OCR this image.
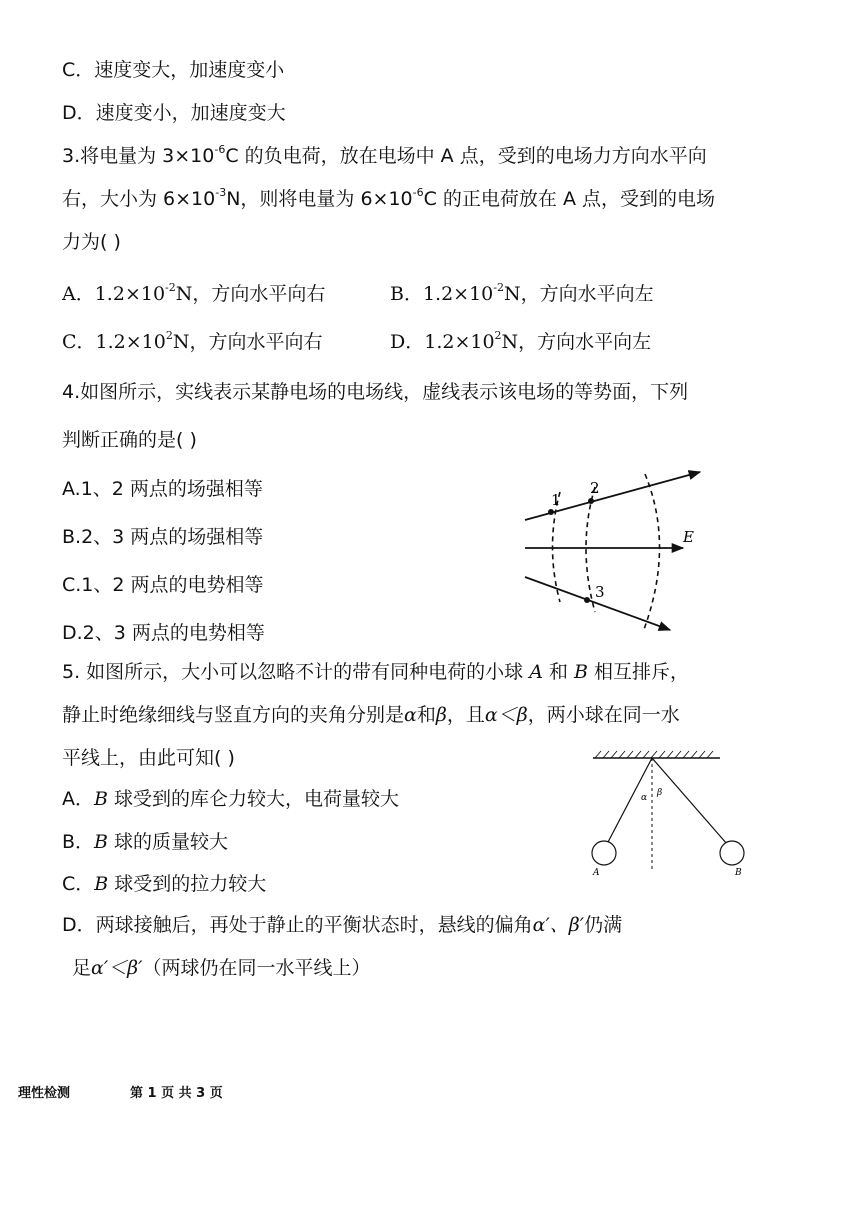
C．速度变大，加速度变小
D．速度变小，加速度变大
3.将电量为 $3\times 10^{-6}C$ 的负电荷，放在电场中 A 点，受到的电场力方向水平向
右，大小为 $6\times 10^{-3}N$，则将电量为 $6\times 10^{-6}C$ 的正电荷放在 A 点，受到的电场
力为( )
A．$1.2\times 10^{-2}N$，方向水平向右	B．$1.2\times 10^{-2}N$，方向水平向左
C．$1.2\times 10^2N$，方向水平向右	D．$1.2\times 10^2N$，方向水平向左
4.如图所示，实线表示某静电场的电场线，虚线表示该电场的等势面，下列
判断正确的是( )
A.1、2 两点的场强相等
B.2、3 两点的场强相等
C.1、2 两点的电势相等
D.2、3 两点的电势相等
1
2
3
E
5. 如图所示，大小可以忽略不计的带有同种电荷的小球 A 和 B 相互排斥，
静止时绝缘细线与竖直方向的夹角分别是α和β，且α＜β，两小球在同一水
平线上，由此可知( )
A．B 球受到的库仑力较大，电荷量较大
B．B 球的质量较大
C．B 球受到的拉力较大
D．两球接触后，再处于静止的平衡状态时，悬线的偏角α′、β′仍满
足α′＜β′（两球仍在同一水平线上）
α β
A	B
理性检测	第 1 页 共 3 页
